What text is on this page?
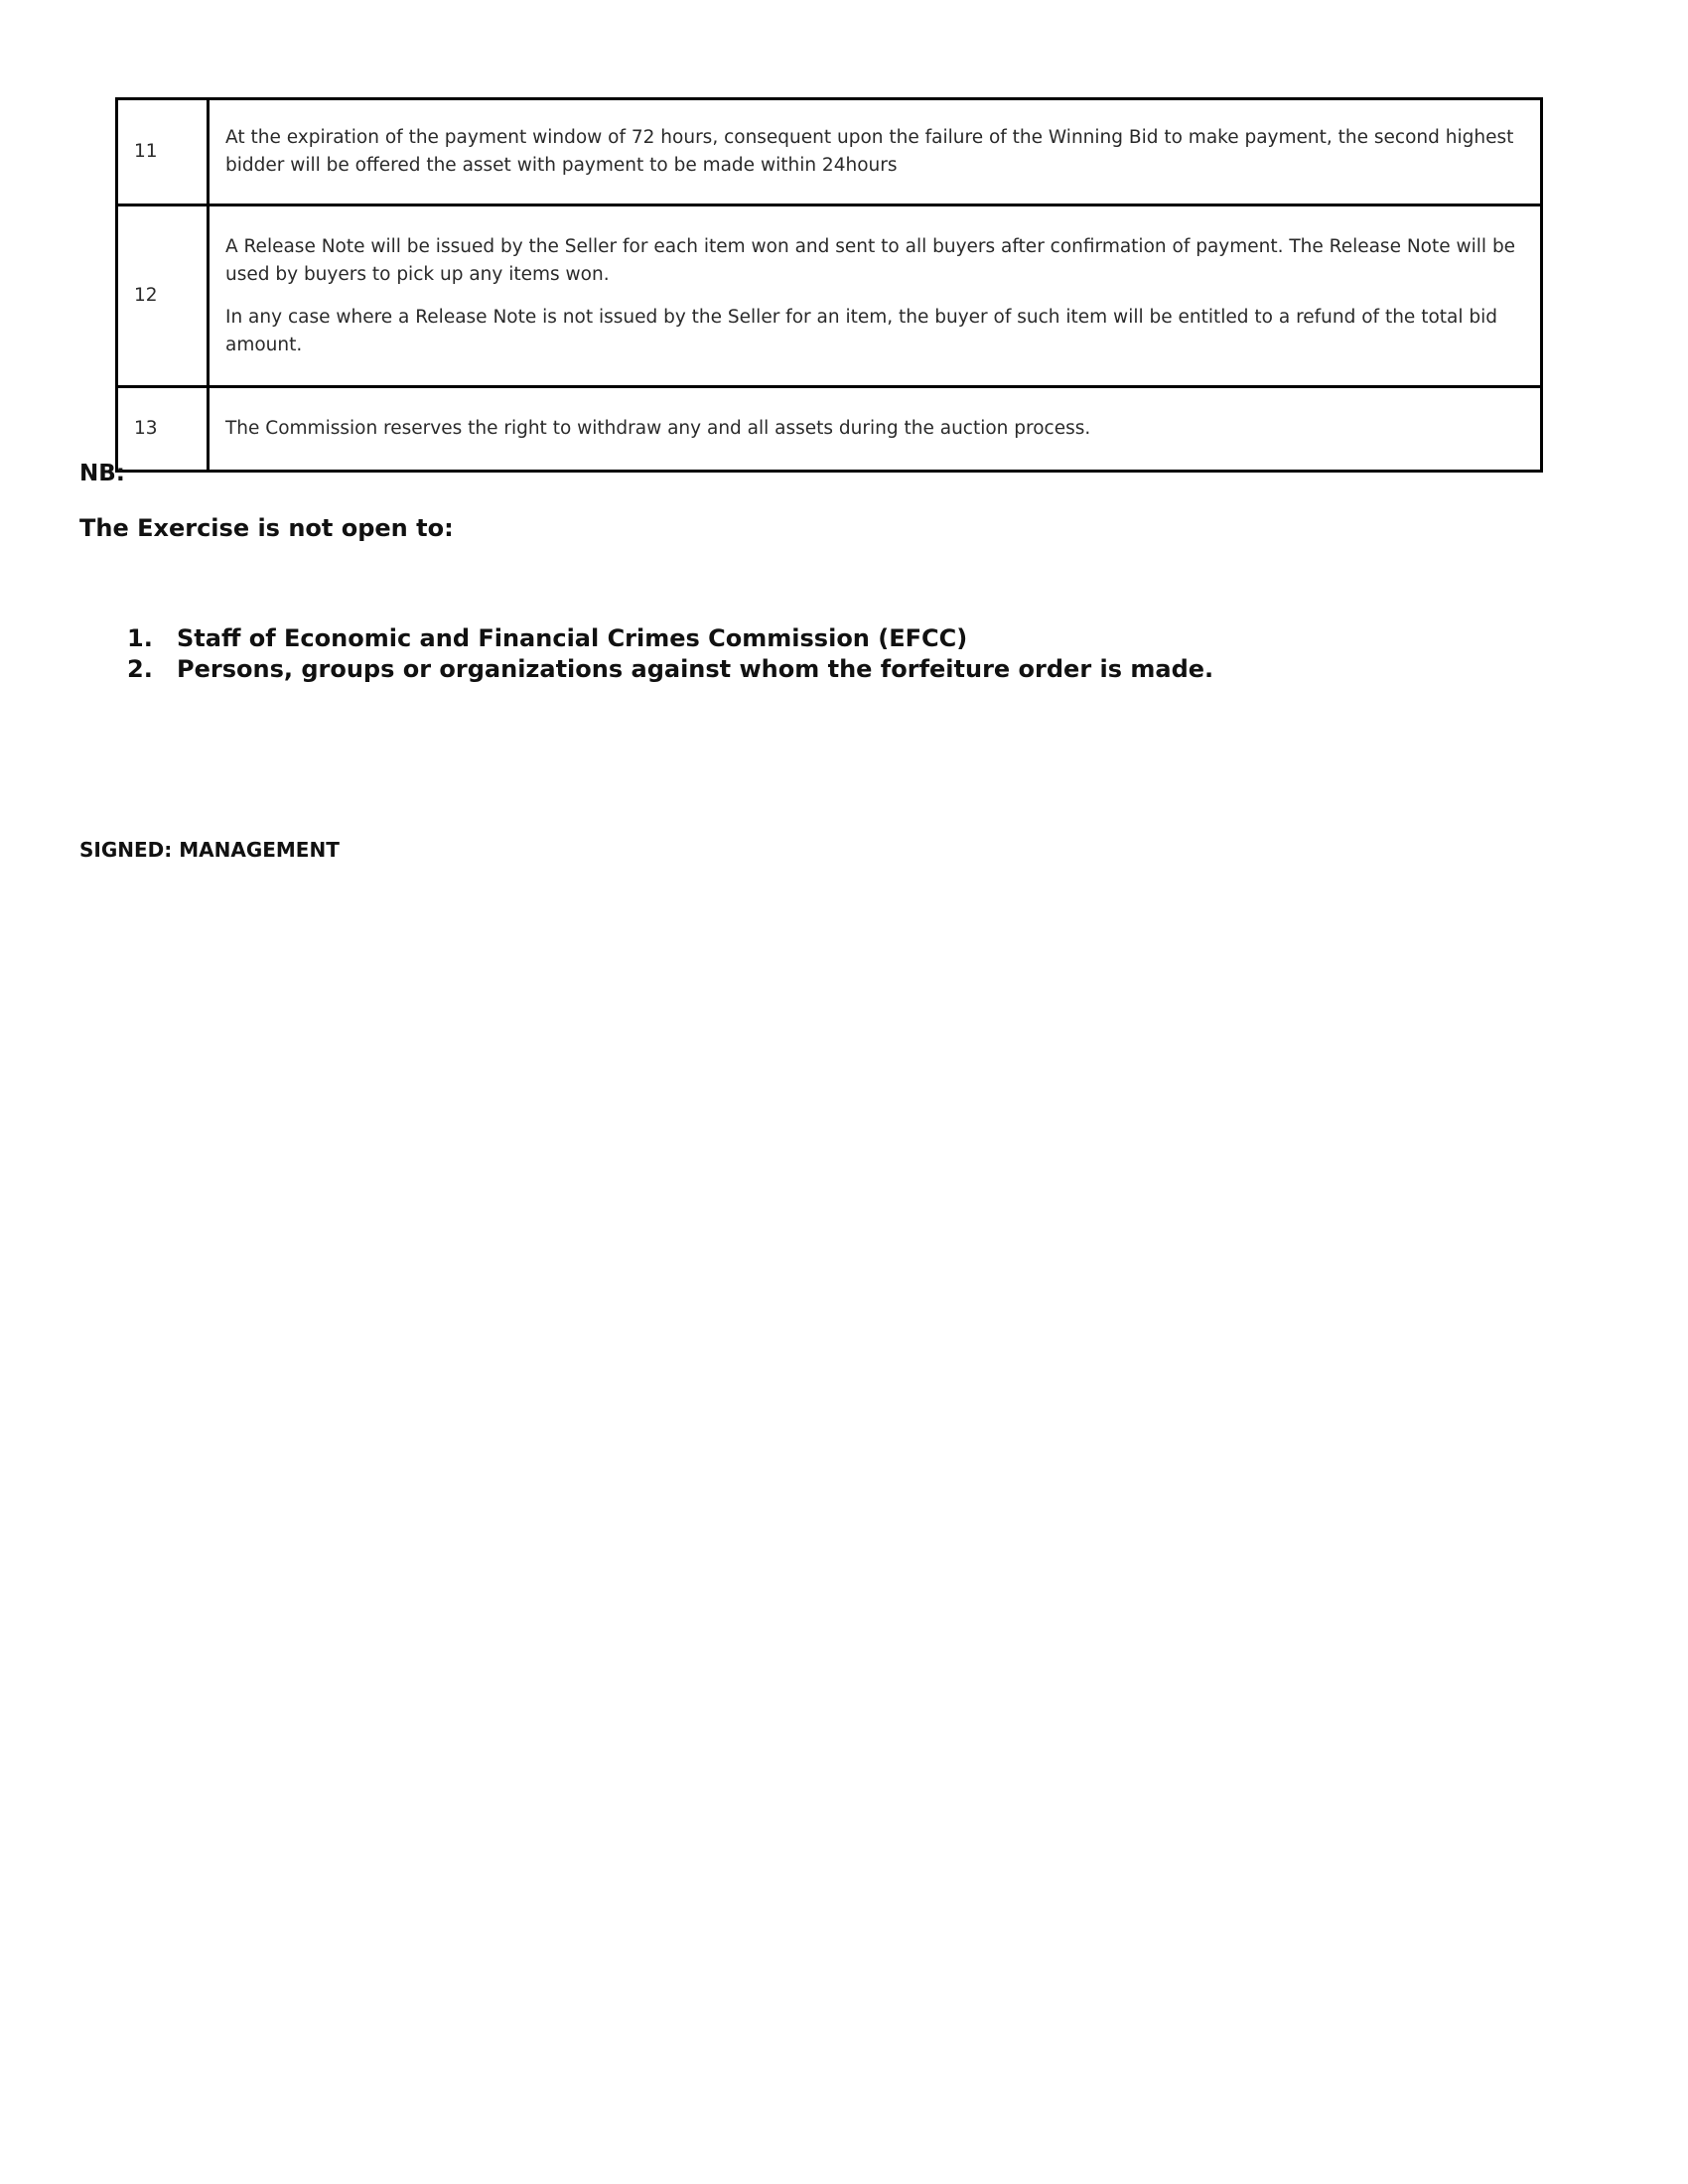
11	At the expiration of the payment window of 72 hours, consequent upon the failure of the Winning Bid to make payment, the second highest bidder will be offered the asset with payment to be made within 24hours

12	A Release Note will be issued by the Seller for each item won and sent to all buyers after confirmation of payment. The Release Note will be used by buyers to pick up any items won.

In any case where a Release Note is not issued by the Seller for an item, the buyer of such item will be entitled to a refund of the total bid amount.

13	The Commission reserves the right to withdraw any and all assets during the auction process.

NB:
The Exercise is not open to:
1. Staff of Economic and Financial Crimes Commission (EFCC)
2. Persons, groups or organizations against whom the forfeiture order is made.
SIGNED: MANAGEMENT
